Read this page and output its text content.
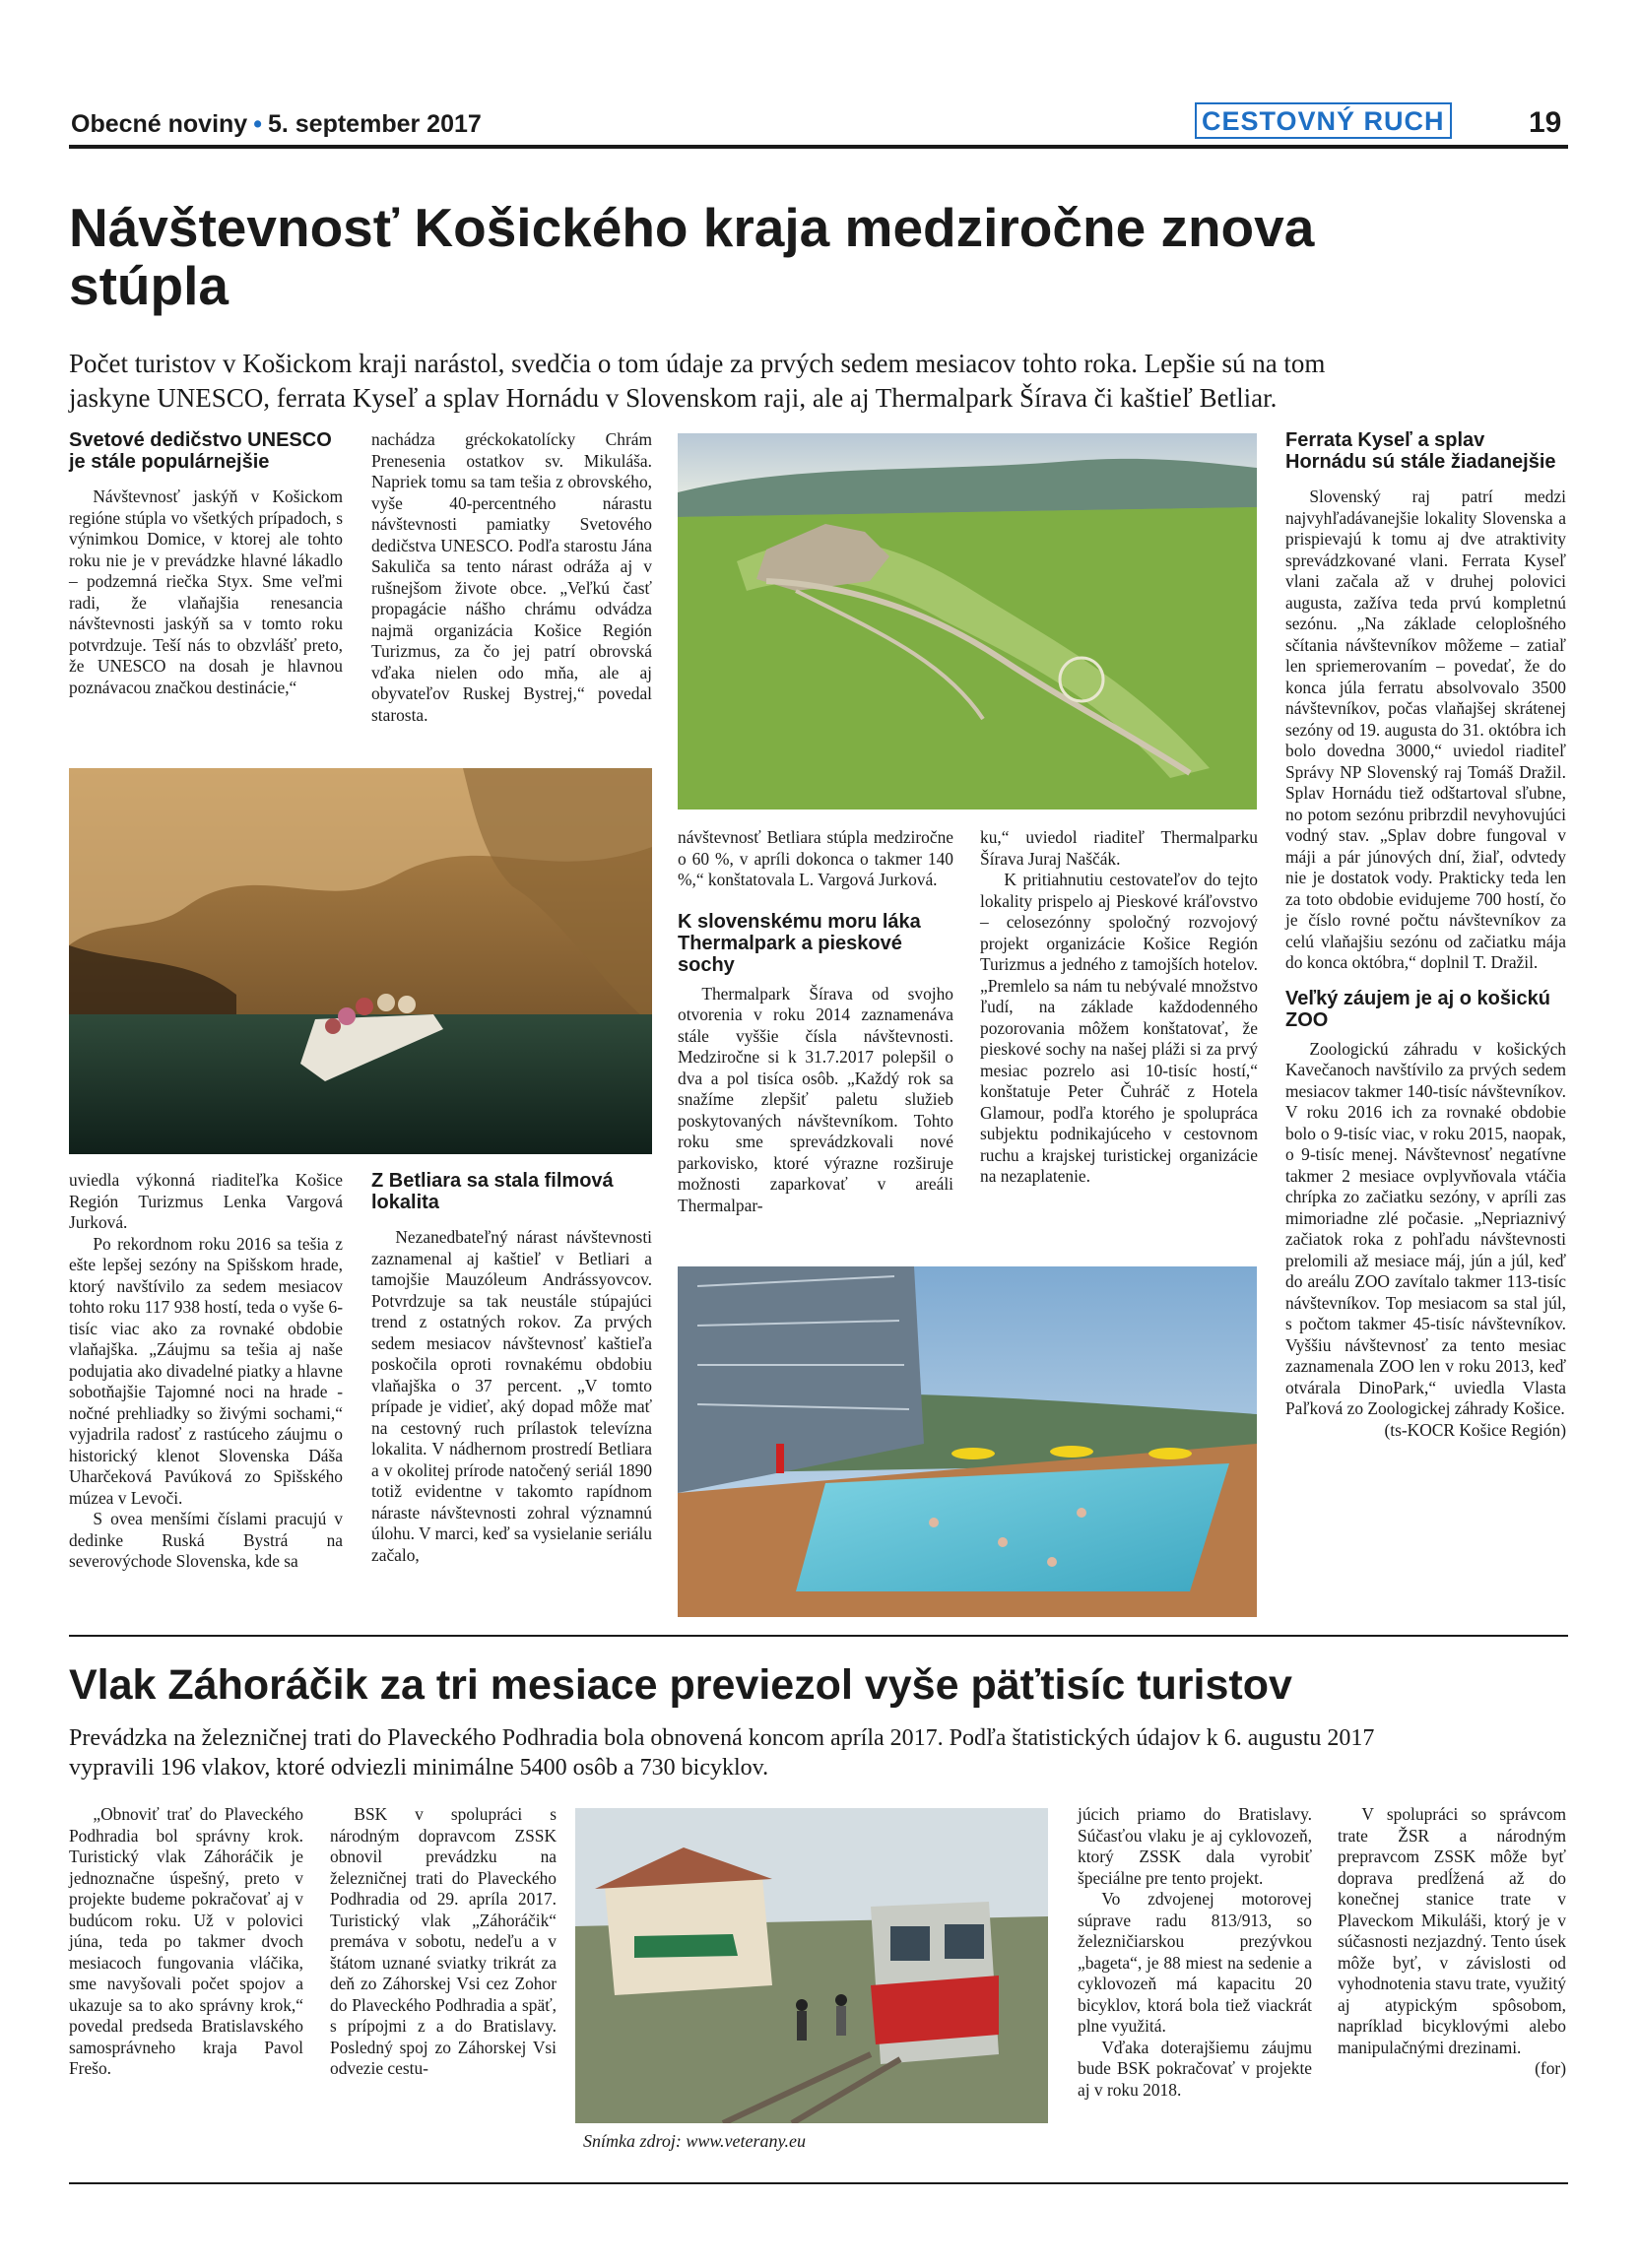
Obecné noviny • 5. september 2017	CESTOVNÝ RUCH	19
Návštevnosť Košického kraja medziročne znova
stúpla
Počet turistov v Košickom kraji narástol, svedčia o tom údaje za prvých sedem mesiacov tohto roka. Lepšie sú na tom
jaskyne UNESCO, ferrata Kyseľ a splav Hornádu v Slovenskom raji, ale aj Thermalpark Šírava či kaštieľ Betliar.
Svetové dedičstvo UNESCO je stále populárnejšie

Návštevnosť jaskýň v Košickom regióne stúpla vo všetkých prípadoch, s výnimkou Domice, v ktorej ale tohto roku nie je v prevádzke hlavné lákadlo – podzemná riečka Styx. Sme veľmi radi, že vlaňajšia renesancia návštevnosti jaskýň sa v tomto roku potvrdzuje. Teší nás to obzvlášť preto, že UNESCO na dosah je hlavnou poznávacou značkou destinácie,“

uviedla výkonná riaditeľka Košice Región Turizmus Lenka Vargová Jurková.

Po rekordnom roku 2016 sa tešia z ešte lepšej sezóny na Spišskom hrade, ktorý navštívilo za sedem mesiacov tohto roku 117 938 hostí, teda o vyše 6-tisíc viac ako za rovnaké obdobie vlaňajška. „Záujmu sa tešia aj naše podujatia ako divadelné piatky a hlavne sobotňajšie Tajomné noci na hrade - nočné prehliadky so živými sochami,“ vyjadrila radosť z rastúceho záujmu o historický klenot Slovenska Dáša Uharčeková Pavúková zo Spišského múzea v Levoči.

S ovea menšími číslami pracujú v dedinke Ruská Bystrá na severovýchode Slovenska, kde sa

nachádza gréckokatolícky Chrám Prenesenia ostatkov sv. Mikuláša. Napriek tomu sa tam tešia z obrovského, vyše 40-percentného nárastu návštevnosti pamiatky Svetového dedičstva UNESCO. Podľa starostu Jána Sakuliča sa tento nárast odráža aj v rušnejšom živote obce. „Veľkú časť propagácie nášho chrámu odvádza najmä organizácia Košice Región Turizmus, za čo jej patrí obrovská vďaka nielen odo mňa, ale aj obyvateľov Ruskej Bystrej,“ povedal starosta.

Z Betliara sa stala filmová lokalita

Nezanedbateľný nárast návštevnosti zaznamenal aj kaštieľ v Betliari a tamojšie Mauzóleum Andrássyovcov. Potvrdzuje sa tak neustále stúpajúci trend z ostatných rokov. Za prvých sedem mesiacov návštevnosť kaštieľa poskočila oproti rovnakému obdobiu vlaňajška o 37 percent. „V tomto prípade je vidieť, aký dopad môže mať na cestovný ruch prílastok televízna lokalita. V nádhernom prostredí Betliara a v okolitej prírode natočený seriál 1890 totiž evidentne v takomto rapídnom náraste návštevnosti zohral významnú úlohu. V marci, keď sa vysielanie seriálu začalo,

návštevnosť Betliara stúpla medziročne o 60 %, v apríli dokonca o takmer 140 %,“ konštatovala L. Vargová Jurková.

K slovenskému moru láka Thermalpark a pieskové sochy

Thermalpark Šírava od svojho otvorenia v roku 2014 zaznamenáva stále vyššie čísla návštevnosti. Medziročne si k 31.7.2017 polepšil o dva a pol tisíca osôb. „Každý rok sa snažíme zlepšiť paletu služieb poskytovaných návštevníkom. Tohto roku sme sprevádzkovali nové parkovisko, ktoré výrazne rozširuje možnosti zaparkovať v areáli Thermalpar-

ku,“ uviedol riaditeľ Thermalparku Šírava Juraj Naščák.

K pritiahnutiu cestovateľov do tejto lokality prispelo aj Pieskové kráľovstvo – celosezónny spoločný rozvojový projekt organizácie Košice Región Turizmus a jedného z tamojších hotelov. „Premlelo sa nám tu nebývalé množstvo ľudí, na základe každodenného pozorovania môžem konštatovať, že pieskové sochy na našej pláži si za prvý mesiac pozrelo asi 10-tisíc hostí,“ konštatuje Peter Čuhráč z Hotela Glamour, podľa ktorého je spolupráca subjektu podnikajúceho v cestovnom ruchu a krajskej turistickej organizácie na nezaplatenie.

Ferrata Kyseľ a splav Hornádu sú stále žiadanejšie

Slovenský raj patrí medzi najvyhľadávanejšie lokality Slovenska a prispievajú k tomu aj dve atraktivity sprevádzkované vlani. Ferrata Kyseľ vlani začala až v druhej polovici augusta, zažíva teda prvú kompletnú sezónu. „Na základe celoplošného sčítania návštevníkov môžeme – zatiaľ len spriemerovaním – povedať, že do konca júla ferratu absolvovalo 3500 návštevníkov, počas vlaňajšej skrátenej sezóny od 19. augusta do 31. októbra ich bolo dovedna 3000,“ uviedol riaditeľ Správy NP Slovenský raj Tomáš Dražil. Splav Hornádu tiež odštartoval sľubne, no potom sezónu pribrzdil nevyhovujúci vodný stav. „Splav dobre fungoval v máji a pár júnových dní, žiaľ, odvtedy nie je dostatok vody. Prakticky teda len za toto obdobie evidujeme 700 hostí, čo je číslo rovné počtu návštevníkov za celú vlaňajšiu sezónu od začiatku mája do konca októbra,“ doplnil T. Dražil.

Veľký záujem je aj o košickú ZOO

Zoologickú záhradu v košických Kavečanoch navštívilo za prvých sedem mesiacov takmer 140-tisíc návštevníkov. V roku 2016 ich za rovnaké obdobie bolo o 9-tisíc viac, v roku 2015, naopak, o 9-tisíc menej. Návštevnosť negatívne takmer 2 mesiace ovplyvňovala vtáčia chrípka zo začiatku sezóny, v apríli zas mimoriadne zlé počasie. „Nepriaznivý začiatok roka z pohľadu návštevnosti prelomili až mesiace máj, jún a júl, keď do areálu ZOO zavítalo takmer 113-tisíc návštevníkov. Top mesiacom sa stal júl, s počtom takmer 45-tisíc návštevníkov. Vyššiu návštevnosť za tento mesiac zaznamenala ZOO len v roku 2013, keď otvárala DinoPark,“ uviedla Vlasta Paľková zo Zoologickej záhrady Košice.

(ts-KOCR Košice Región)
Vlak Záhoráčik za tri mesiace previezol vyše päťtisíc turistov
Prevádzka na železničnej trati do Plaveckého Podhradia bola obnovená koncom apríla 2017. Podľa štatistických údajov k 6. augustu 2017
vypravili 196 vlakov, ktoré odviezli minimálne 5400 osôb a 730 bicyklov.

„Obnoviť trať do Plaveckého Podhradia bol správny krok. Turistický vlak Záhoráčik je jednoznačne úspešný, preto v projekte budeme pokračovať aj v budúcom roku. Už v polovici júna, teda po takmer dvoch mesiacoch fungovania vláčika, sme navyšovali počet spojov a ukazuje sa to ako správny krok,“ povedal predseda Bratislavského samosprávneho kraja Pavol Frešo.

BSK v spolupráci s národným dopravcom ZSSK obnovil prevádzku na železničnej trati do Plaveckého Podhradia od 29. apríla 2017. Turistický vlak „Záhoráčik“ premáva v sobotu, nedeľu a v štátom uznané sviatky trikrát za deň zo Záhorskej Vsi cez Zohor do Plaveckého Podhradia a späť, s prípojmi z a do Bratislavy. Posledný spoj zo Záhorskej Vsi odvezie cestu-

Snímka zdroj: www.veterany.eu

júcich priamo do Bratislavy. Súčasťou vlaku je aj cyklovozeň, ktorý ZSSK dala vyrobiť špeciálne pre tento projekt.

Vo zdvojenej motorovej súprave radu 813/913, so železničiarskou prezývkou „bageta“, je 88 miest na sedenie a cyklovozeň má kapacitu 20 bicyklov, ktorá bola tiež viackrát plne využitá.

Vďaka doterajšiemu záujmu bude BSK pokračovať v projekte aj v roku 2018.

V spolupráci so správcom trate ŽSR a národným prepravcom ZSSK môže byť doprava predĺžená až do konečnej stanice trate v Plaveckom Mikuláši, ktorý je v súčasnosti nezjazdný. Tento úsek môže byť, v závislosti od vyhodnotenia stavu trate, využitý aj atypickým spôsobom, napríklad bicyklovými alebo manipulačnými drezinami.

(for)
